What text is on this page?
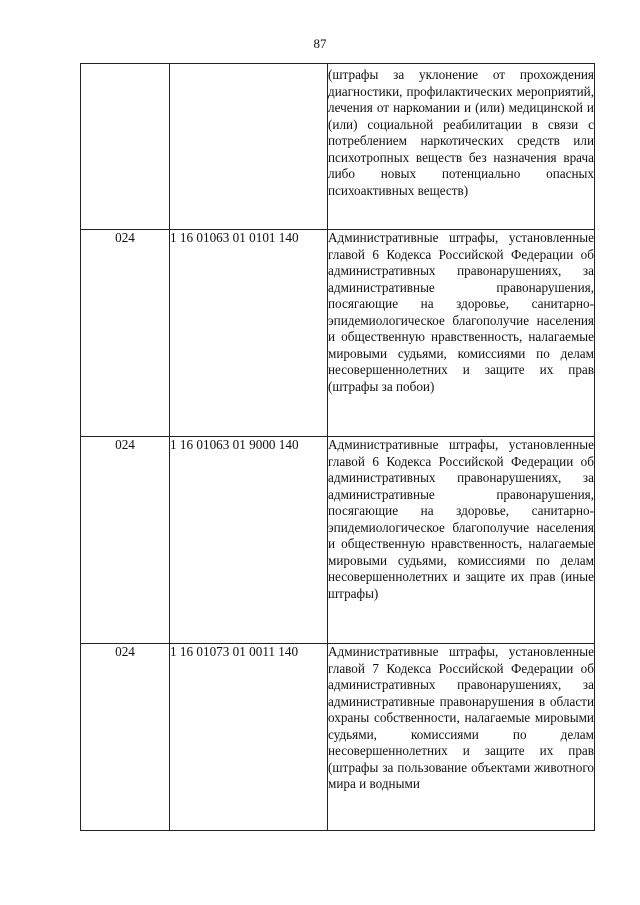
87
		(штрафы за уклонение от прохождения диагностики, профилактических мероприятий, лечения от наркомании и (или) медицинской и (или) социальной реабилитации в связи с потреблением наркотических средств или психотропных веществ без назначения врача либо новых потенциально опасных психоактивных веществ)
024	1 16 01063 01 0101 140	Административные штрафы, установленные главой 6 Кодекса Российской Федерации об административных правонарушениях, за административные правонарушения, посягающие на здоровье, санитарно-эпидемиологическое благополучие населения и общественную нравственность, налагаемые мировыми судьями, комиссиями по делам несовершеннолетних и защите их прав (штрафы за побои)
024	1 16 01063 01 9000 140	Административные штрафы, установленные главой 6 Кодекса Российской Федерации об административных правонарушениях, за административные правонарушения, посягающие на здоровье, санитарно-эпидемиологическое благополучие населения и общественную нравственность, налагаемые мировыми судьями, комиссиями по делам несовершеннолетних и защите их прав (иные штрафы)
024	1 16 01073 01 0011 140	Административные штрафы, установленные главой 7 Кодекса Российской Федерации об административных правонарушениях, за административные правонарушения в области охраны собственности, налагаемые мировыми судьями, комиссиями по делам несовершеннолетних и защите их прав (штрафы за пользование объектами животного мира и водными
